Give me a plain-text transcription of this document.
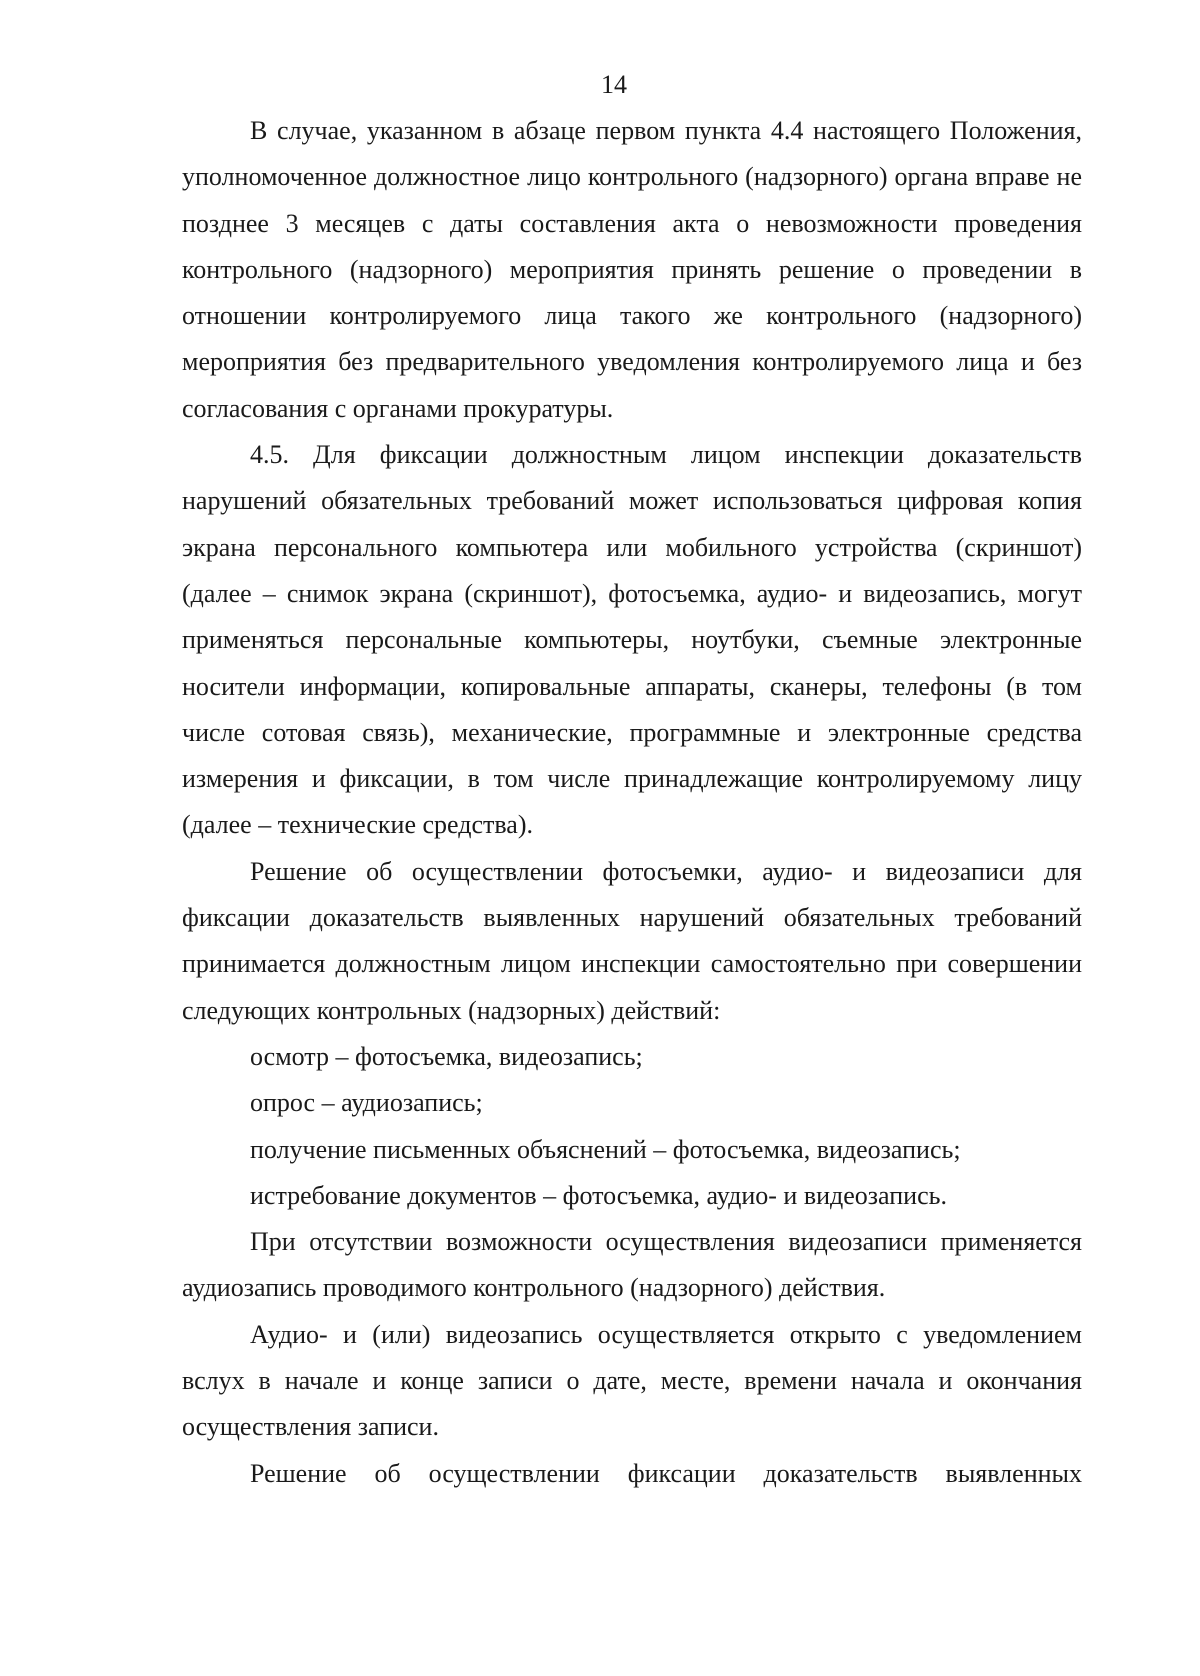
14

В случае, указанном в абзаце первом пункта 4.4 настоящего Положения, уполномоченное должностное лицо контрольного (надзорного) органа вправе не позднее 3 месяцев с даты составления акта о невозможности проведения контрольного (надзорного) мероприятия принять решение о проведении в отношении контролируемого лица такого же контрольного (надзорного) мероприятия без предварительного уведомления контролируемого лица и без согласования с органами прокуратуры.

4.5. Для фиксации должностным лицом инспекции доказательств нарушений обязательных требований может использоваться цифровая копия экрана персонального компьютера или мобильного устройства (скриншот) (далее – снимок экрана (скриншот), фотосъемка, аудио- и видеозапись, могут применяться персональные компьютеры, ноутбуки, съемные электронные носители информации, копировальные аппараты, сканеры, телефоны (в том числе сотовая связь), механические, программные и электронные средства измерения и фиксации, в том числе принадлежащие контролируемому лицу (далее – технические средства).

Решение об осуществлении фотосъемки, аудио- и видеозаписи для фиксации доказательств выявленных нарушений обязательных требований принимается должностным лицом инспекции самостоятельно при совершении следующих контрольных (надзорных) действий:

осмотр – фотосъемка, видеозапись;

опрос – аудиозапись;

получение письменных объяснений – фотосъемка, видеозапись;

истребование документов – фотосъемка, аудио- и видеозапись.

При отсутствии возможности осуществления видеозаписи применяется аудиозапись проводимого контрольного (надзорного) действия.

Аудио- и (или) видеозапись осуществляется открыто с уведомлением вслух в начале и конце записи о дате, месте, времени начала и окончания осуществления записи.

Решение об осуществлении фиксации доказательств выявленных
